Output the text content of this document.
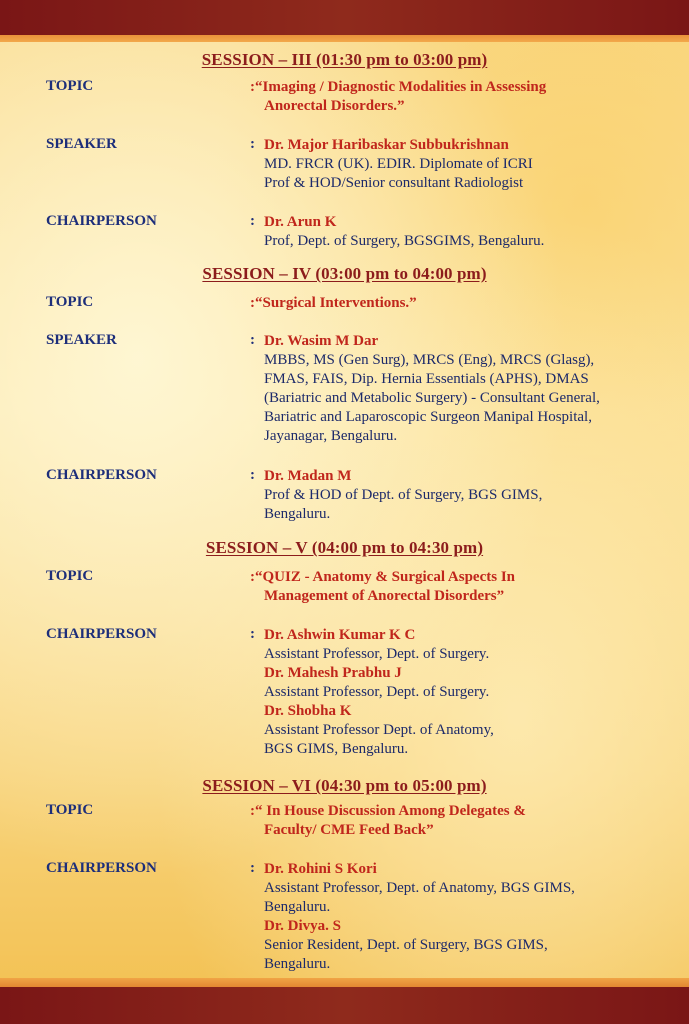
SESSION – III (01:30 pm to 03:00 pm)
TOPIC	:“Imaging / Diagnostic Modalities in Assessing
Anorectal Disorders.”
SPEAKER	: Dr. Major Haribaskar Subbukrishnan
MD. FRCR (UK). EDIR. Diplomate of ICRI
Prof & HOD/Senior consultant Radiologist
CHAIRPERSON	: Dr. Arun K
Prof, Dept. of Surgery, BGSGIMS, Bengaluru.
SESSION – IV (03:00 pm to 04:00 pm)
TOPIC	:“Surgical Interventions.”
SPEAKER	: Dr. Wasim M Dar
MBBS, MS (Gen Surg), MRCS (Eng), MRCS (Glasg),
FMAS, FAIS, Dip. Hernia Essentials (APHS), DMAS
(Bariatric and Metabolic Surgery) - Consultant General,
Bariatric and Laparoscopic Surgeon Manipal Hospital,
Jayanagar, Bengaluru.
CHAIRPERSON	: Dr. Madan M
Prof & HOD of Dept. of Surgery, BGS GIMS,
Bengaluru.
SESSION – V (04:00 pm to 04:30 pm)
TOPIC	:“QUIZ - Anatomy & Surgical Aspects In
Management of Anorectal Disorders”
CHAIRPERSON	: Dr. Ashwin Kumar K C
Assistant Professor, Dept. of Surgery.
Dr. Mahesh Prabhu J
Assistant Professor, Dept. of Surgery.
Dr. Shobha K
Assistant Professor Dept. of Anatomy,
BGS GIMS, Bengaluru.
SESSION – VI (04:30 pm to 05:00 pm)
TOPIC	:“ In House Discussion Among Delegates &
Faculty/ CME Feed Back”
CHAIRPERSON	: Dr. Rohini S Kori
Assistant Professor, Dept. of Anatomy, BGS GIMS,
Bengaluru.
Dr. Divya. S
Senior Resident, Dept. of Surgery, BGS GIMS,
Bengaluru.
